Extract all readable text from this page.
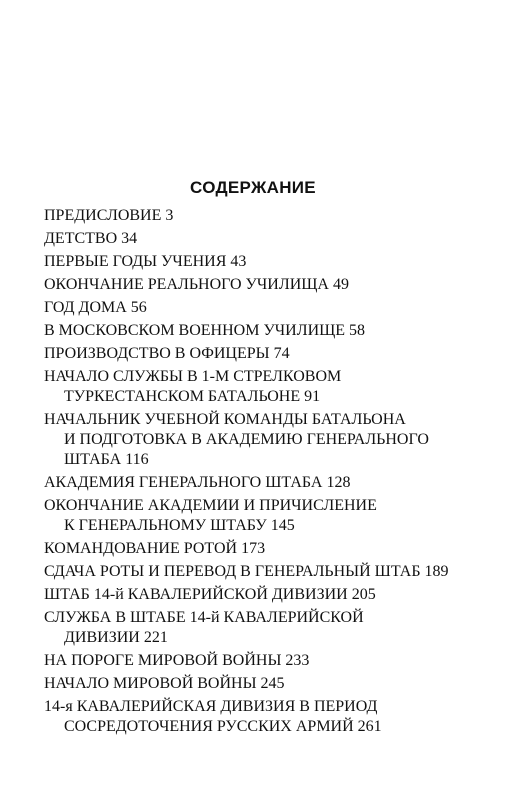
СОДЕРЖАНИЕ
ПРЕДИСЛОВИЕ 3
ДЕТСТВО 34
ПЕРВЫЕ ГОДЫ УЧЕНИЯ 43
ОКОНЧАНИЕ РЕАЛЬНОГО УЧИЛИЩА 49
ГОД ДОМА 56
В МОСКОВСКОМ ВОЕННОМ УЧИЛИЩЕ 58
ПРОИЗВОДСТВО В ОФИЦЕРЫ 74
НАЧАЛО СЛУЖБЫ В 1-М СТРЕЛКОВОМ
ТУРКЕСТАНСКОМ БАТАЛЬОНЕ 91
НАЧАЛЬНИК УЧЕБНОЙ КОМАНДЫ БАТАЛЬОНА
И ПОДГОТОВКА В АКАДЕМИЮ ГЕНЕРАЛЬНОГО
ШТАБА 116
АКАДЕМИЯ ГЕНЕРАЛЬНОГО ШТАБА 128
ОКОНЧАНИЕ АКАДЕМИИ И ПРИЧИСЛЕНИЕ
К ГЕНЕРАЛЬНОМУ ШТАБУ 145
КОМАНДОВАНИЕ РОТОЙ 173
СДАЧА РОТЫ И ПЕРЕВОД В ГЕНЕРАЛЬНЫЙ ШТАБ 189
ШТАБ 14-й КАВАЛЕРИЙСКОЙ ДИВИЗИИ 205
СЛУЖБА В ШТАБЕ 14-й КАВАЛЕРИЙСКОЙ
ДИВИЗИИ 221
НА ПОРОГЕ МИРОВОЙ ВОЙНЫ 233
НАЧАЛО МИРОВОЙ ВОЙНЫ 245
14-я КАВАЛЕРИЙСКАЯ ДИВИЗИЯ В ПЕРИОД
СОСРЕДОТОЧЕНИЯ РУССКИХ АРМИЙ 261
